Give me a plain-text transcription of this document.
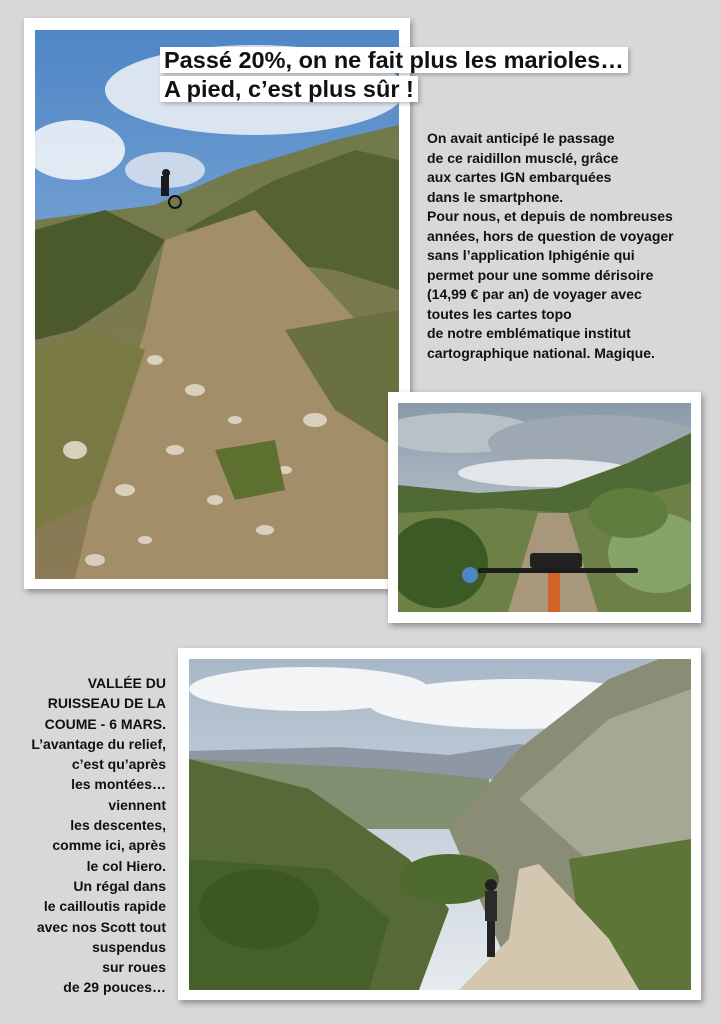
Passé 20%, on ne fait plus les marioles…
A pied, c’est plus sûr !
On avait anticipé le passage
de ce raidillon musclé, grâce
aux cartes IGN embarquées
dans le smartphone.
Pour nous, et depuis de nombreuses
années, hors de question de voyager
sans l’application Iphigénie qui
permet pour une somme dérisoire
(14,99 € par an) de voyager avec
toutes les cartes topo
de notre emblématique institut
cartographique national. Magique.
VALLÉE DU
RUISSEAU DE LA
COUME - 6 MARS.
L’avantage du relief,
c’est qu’après
les montées…
viennent
les descentes,
comme ici, après
le col Hiero.
Un régal dans
le cailloutis rapide
avec nos Scott tout
suspendus
sur roues
de 29 pouces…
